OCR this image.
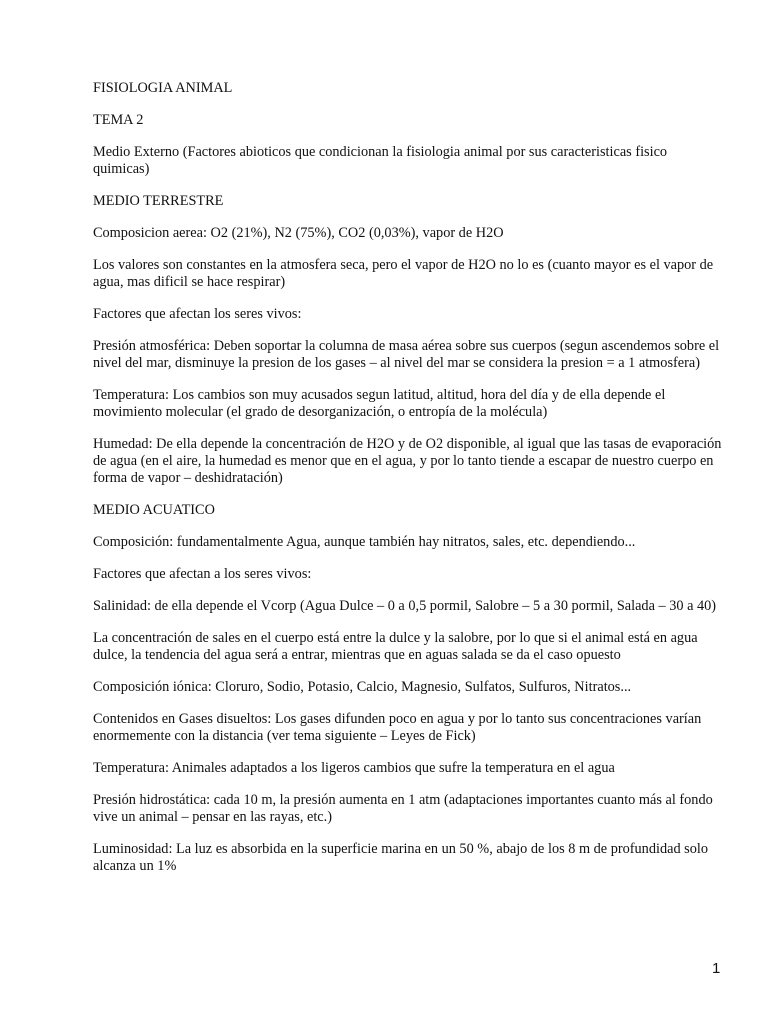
FISIOLOGIA ANIMAL

TEMA 2

Medio Externo (Factores abioticos que condicionan la fisiologia animal por sus caracteristicas fisico quimicas)

MEDIO TERRESTRE

Composicion aerea: O2 (21%), N2 (75%), CO2 (0,03%), vapor de H2O

Los valores son constantes en la atmosfera seca, pero el vapor de H2O no lo es (cuanto mayor es el vapor de agua, mas dificil se hace respirar)

Factores que afectan los seres vivos:

Presión atmosférica: Deben soportar la columna de masa aérea sobre sus cuerpos (segun ascendemos sobre el nivel del mar, disminuye la presion de los gases – al nivel del mar se considera la presion = a 1 atmosfera)

Temperatura: Los cambios son muy acusados segun latitud, altitud, hora del día y de ella depende el movimiento molecular (el grado de desorganización, o entropía de la molécula)

Humedad: De ella depende la concentración de H2O y de O2 disponible, al igual que las tasas de evaporación de agua (en el aire, la humedad es menor que en el agua, y por lo tanto tiende a escapar de nuestro cuerpo en forma de vapor – deshidratación)

MEDIO ACUATICO

Composición: fundamentalmente Agua, aunque también hay nitratos, sales, etc. dependiendo...

Factores que afectan a los seres vivos:

Salinidad: de ella depende el Vcorp (Agua Dulce – 0 a 0,5 pormil, Salobre – 5 a 30 pormil, Salada – 30 a 40)

La concentración de sales en el cuerpo está entre la dulce y la salobre, por lo que si el animal está en agua dulce, la tendencia del agua será a entrar, mientras que en aguas salada se da el caso opuesto

Composición iónica: Cloruro, Sodio, Potasio, Calcio, Magnesio, Sulfatos, Sulfuros, Nitratos...

Contenidos en Gases disueltos: Los gases difunden poco en agua y por lo tanto sus concentraciones varían enormemente con la distancia (ver tema siguiente – Leyes de Fick)

Temperatura: Animales adaptados a los ligeros cambios que sufre la temperatura en el agua

Presión hidrostática: cada 10 m, la presión aumenta en 1 atm (adaptaciones importantes cuanto más al fondo vive un animal – pensar en las rayas, etc.)

Luminosidad: La luz es absorbida en la superficie marina en un 50 %, abajo de los 8 m de profundidad solo alcanza un 1%

1
